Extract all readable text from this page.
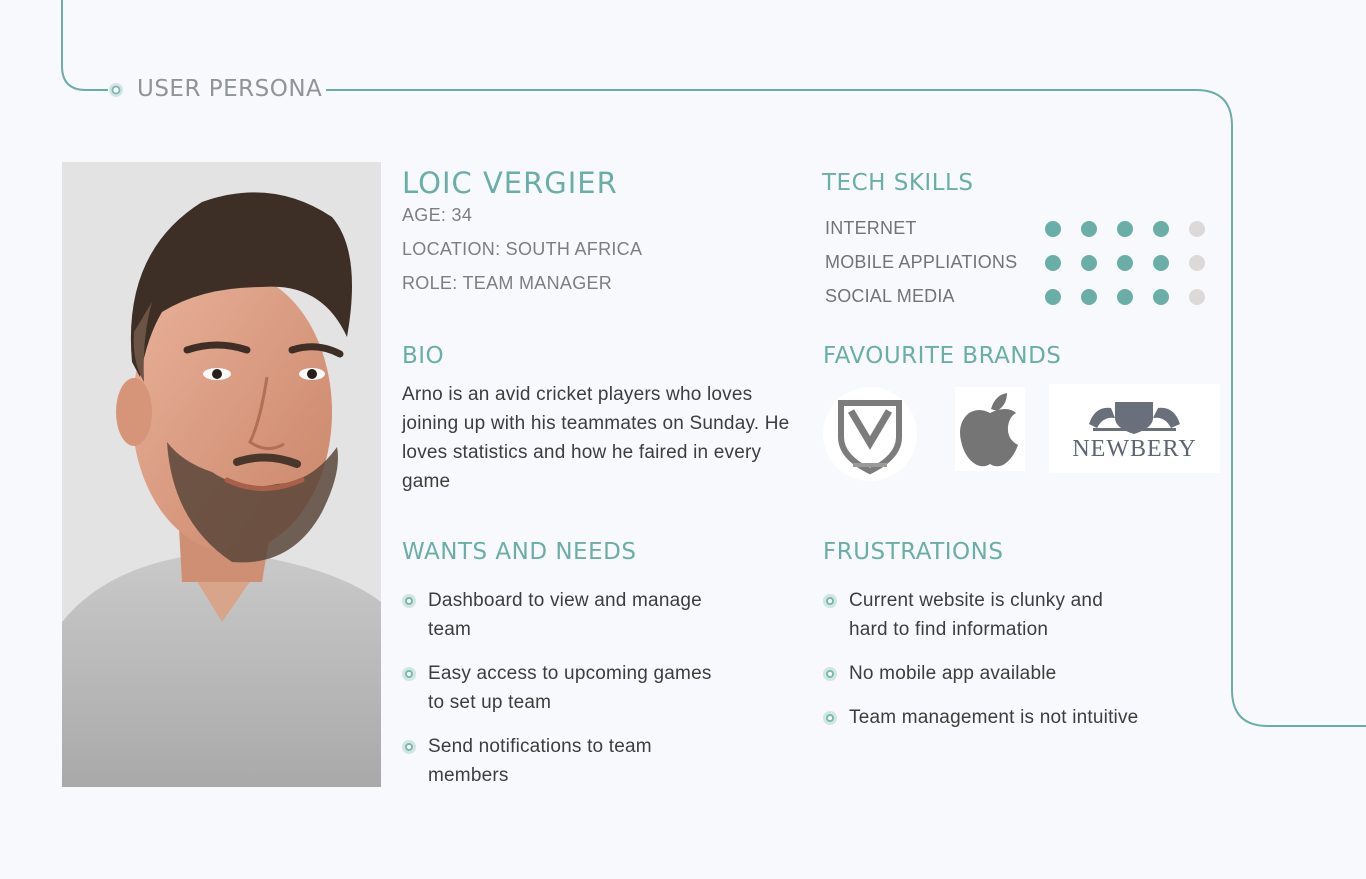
USER PERSONA
LOIC VERGIER
AGE: 34
LOCATION: SOUTH AFRICA
ROLE: TEAM MANAGER
BIO
Arno is an avid cricket players who loves joining up with his teammates on Sunday. He loves statistics and how he faired in every game
TECH SKILLS
INTERNET
MOBILE APPLIATIONS
SOCIAL MEDIA
FAVOURITE BRANDS
NEWBERY
WANTS AND NEEDS
Dashboard to view and manage team
Easy access to upcoming games to set up team
Send notifications to team members
FRUSTRATIONS
Current website is clunky and hard to find information
No mobile app available
Team management is not intuitive
